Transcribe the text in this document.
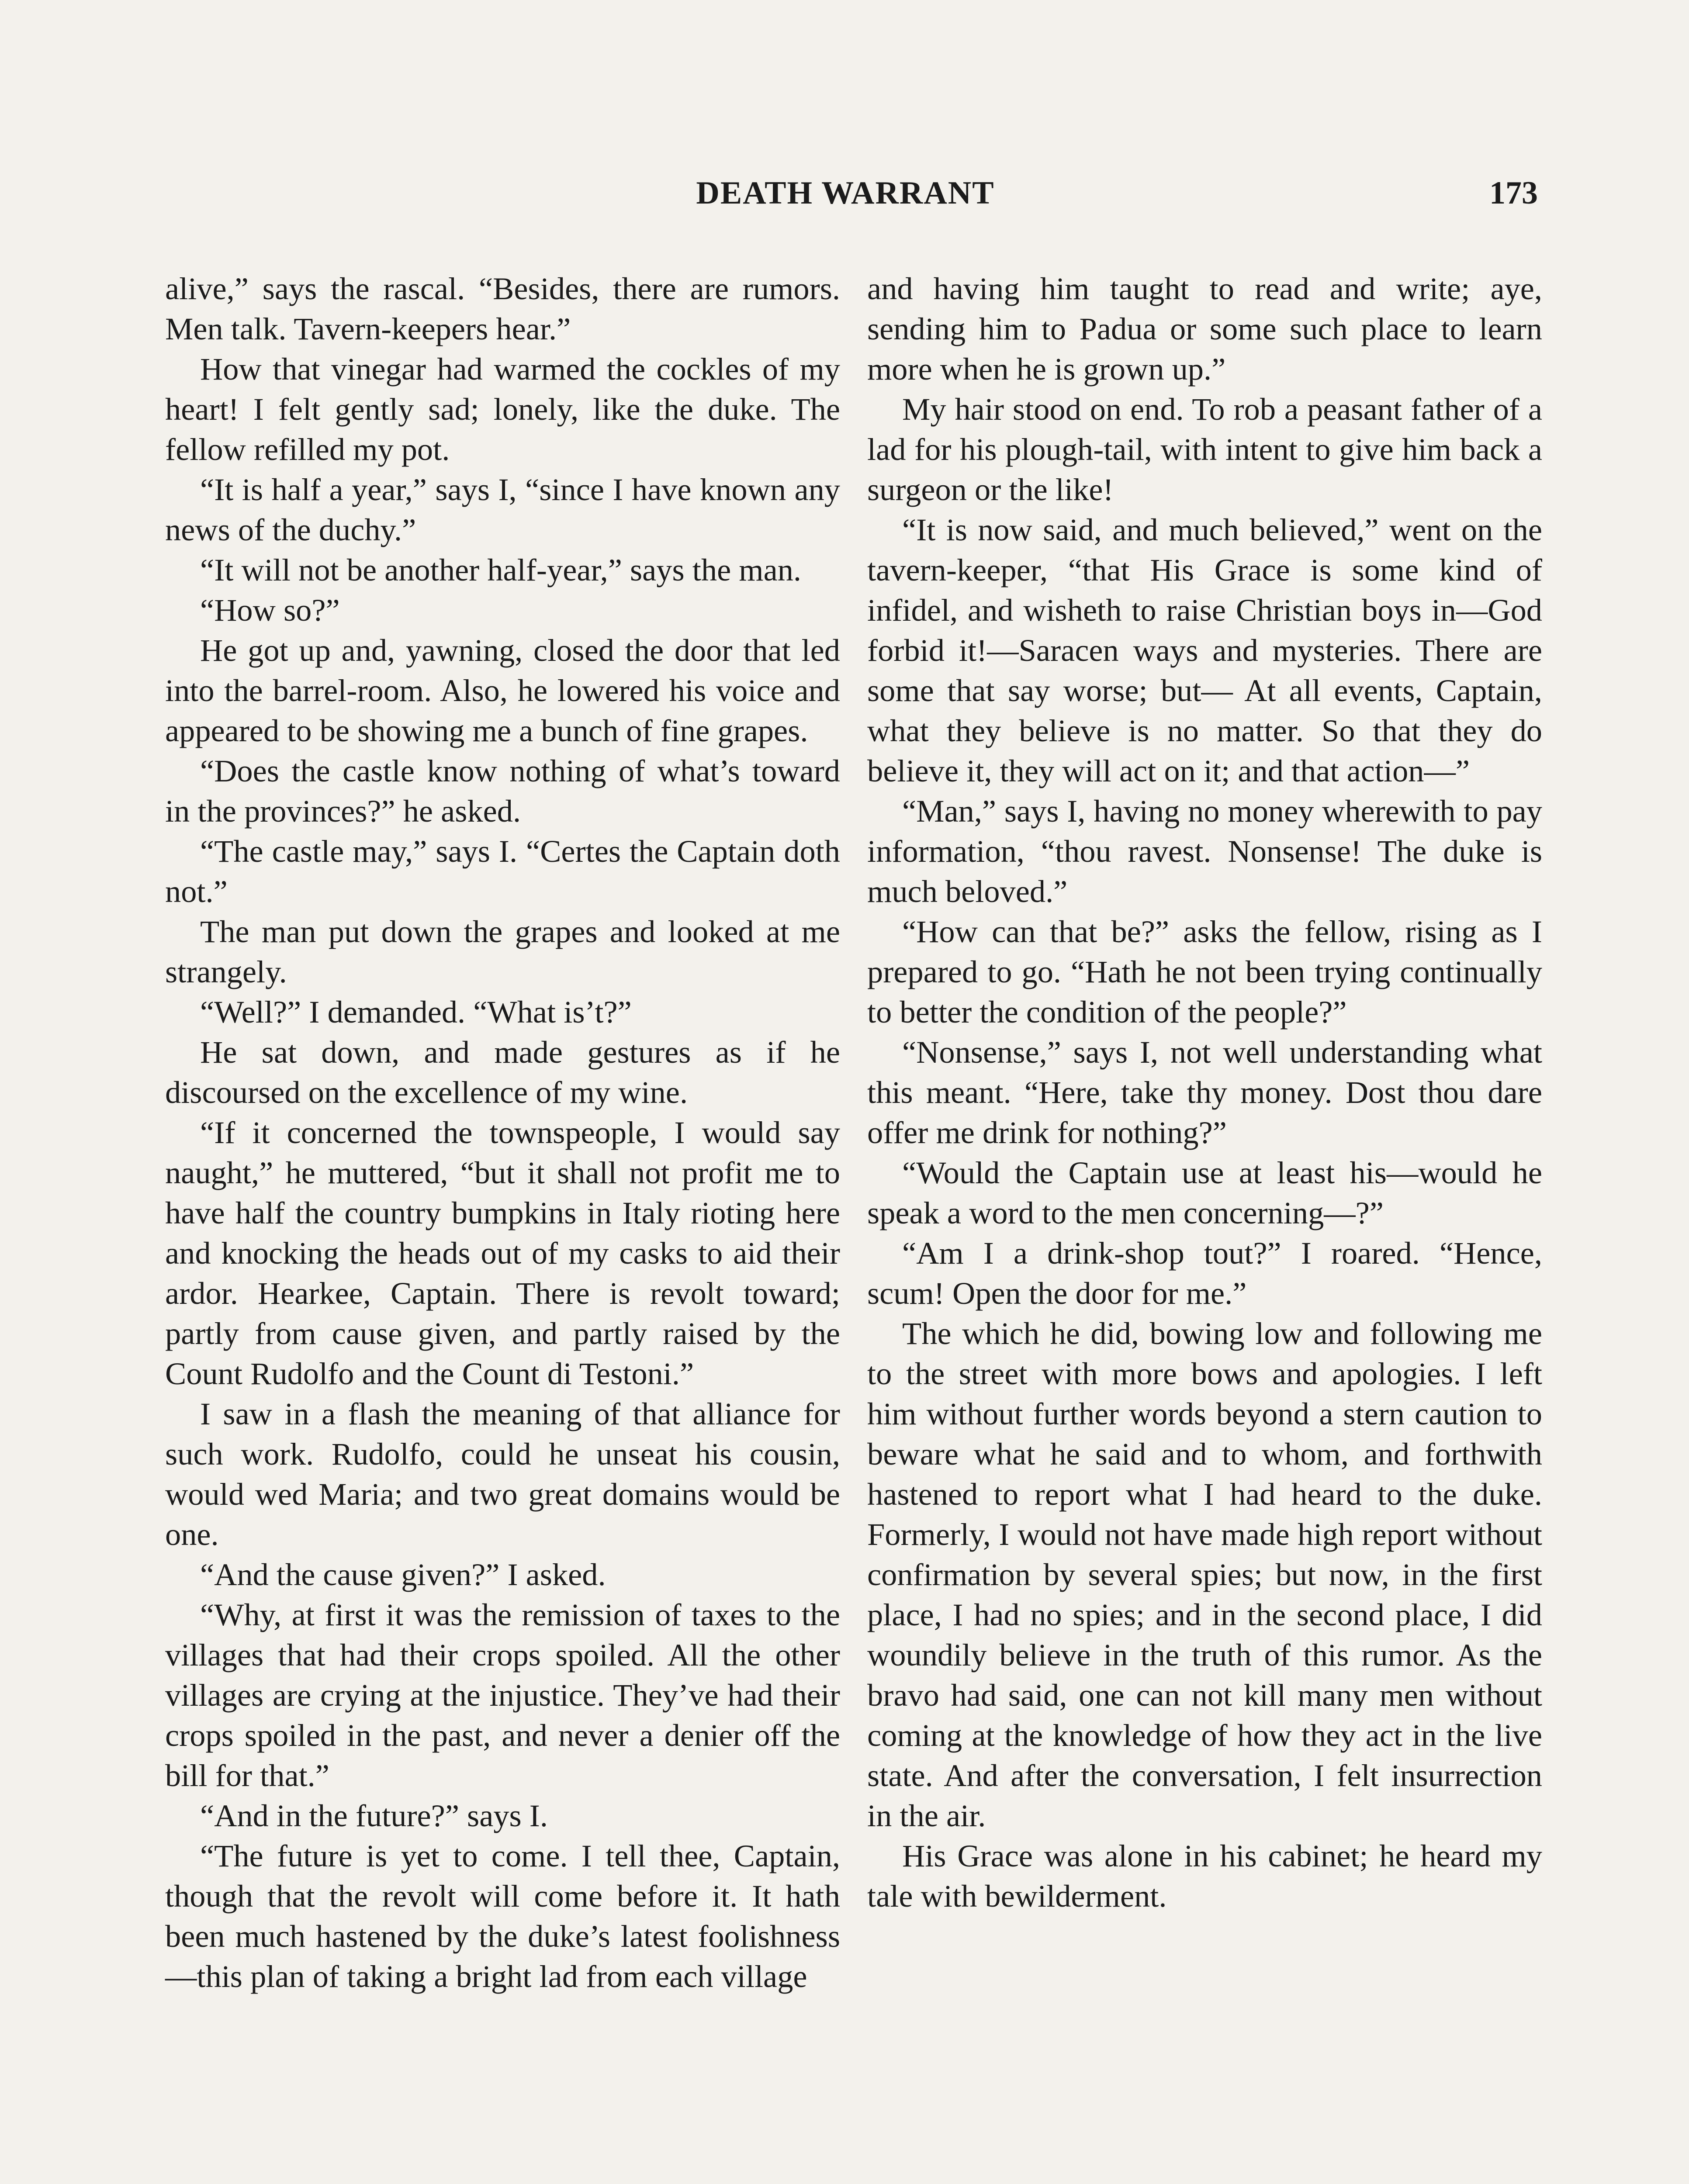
DEATH WARRANT	173

alive,” says the rascal. “Besides, there are rumors. Men talk. Tavern-keepers hear.”

How that vinegar had warmed the cockles of my heart! I felt gently sad; lonely, like the duke. The fellow refilled my pot.

“It is half a year,” says I, “since I have known any news of the duchy.”

“It will not be another half-year,” says the man.

“How so?”

He got up and, yawning, closed the door that led into the barrel-room. Also, he lowered his voice and appeared to be showing me a bunch of fine grapes.

“Does the castle know nothing of what’s toward in the provinces?” he asked.

“The castle may,” says I. “Certes the Captain doth not.”

The man put down the grapes and looked at me strangely.

“Well?” I demanded. “What is’t?”

He sat down, and made gestures as if he discoursed on the excellence of my wine.

“If it concerned the townspeople, I would say naught,” he muttered, “but it shall not profit me to have half the country bumpkins in Italy rioting here and knocking the heads out of my casks to aid their ardor. Hearkee, Captain. There is revolt toward; partly from cause given, and partly raised by the Count Rudolfo and the Count di Testoni.”

I saw in a flash the meaning of that alliance for such work. Rudolfo, could he unseat his cousin, would wed Maria; and two great domains would be one.

“And the cause given?” I asked.

“Why, at first it was the remission of taxes to the villages that had their crops spoiled. All the other villages are crying at the injustice. They’ve had their crops spoiled in the past, and never a denier off the bill for that.”

“And in the future?” says I.

“The future is yet to come. I tell thee, Captain, though that the revolt will come before it. It hath been much hastened by the duke’s latest foolishness—this plan of taking a bright lad from each village

and having him taught to read and write; aye, sending him to Padua or some such place to learn more when he is grown up.”

My hair stood on end. To rob a peasant father of a lad for his plough-tail, with intent to give him back a surgeon or the like!

“It is now said, and much believed,” went on the tavern-keeper, “that His Grace is some kind of infidel, and wisheth to raise Christian boys in—God forbid it!—Saracen ways and mysteries. There are some that say worse; but— At all events, Captain, what they believe is no matter. So that they do believe it, they will act on it; and that action—”

“Man,” says I, having no money wherewith to pay information, “thou ravest. Nonsense! The duke is much beloved.”

“How can that be?” asks the fellow, rising as I prepared to go. “Hath he not been trying continually to better the condition of the people?”

“Nonsense,” says I, not well understanding what this meant. “Here, take thy money. Dost thou dare offer me drink for nothing?”

“Would the Captain use at least his—would he speak a word to the men concerning—?”

“Am I a drink-shop tout?” I roared. “Hence, scum! Open the door for me.”

The which he did, bowing low and following me to the street with more bows and apologies. I left him without further words beyond a stern caution to beware what he said and to whom, and forthwith hastened to report what I had heard to the duke. Formerly, I would not have made high report without confirmation by several spies; but now, in the first place, I had no spies; and in the second place, I did woundily believe in the truth of this rumor. As the bravo had said, one can not kill many men without coming at the knowledge of how they act in the live state. And after the conversation, I felt insurrection in the air.

His Grace was alone in his cabinet; he heard my tale with bewilderment.
